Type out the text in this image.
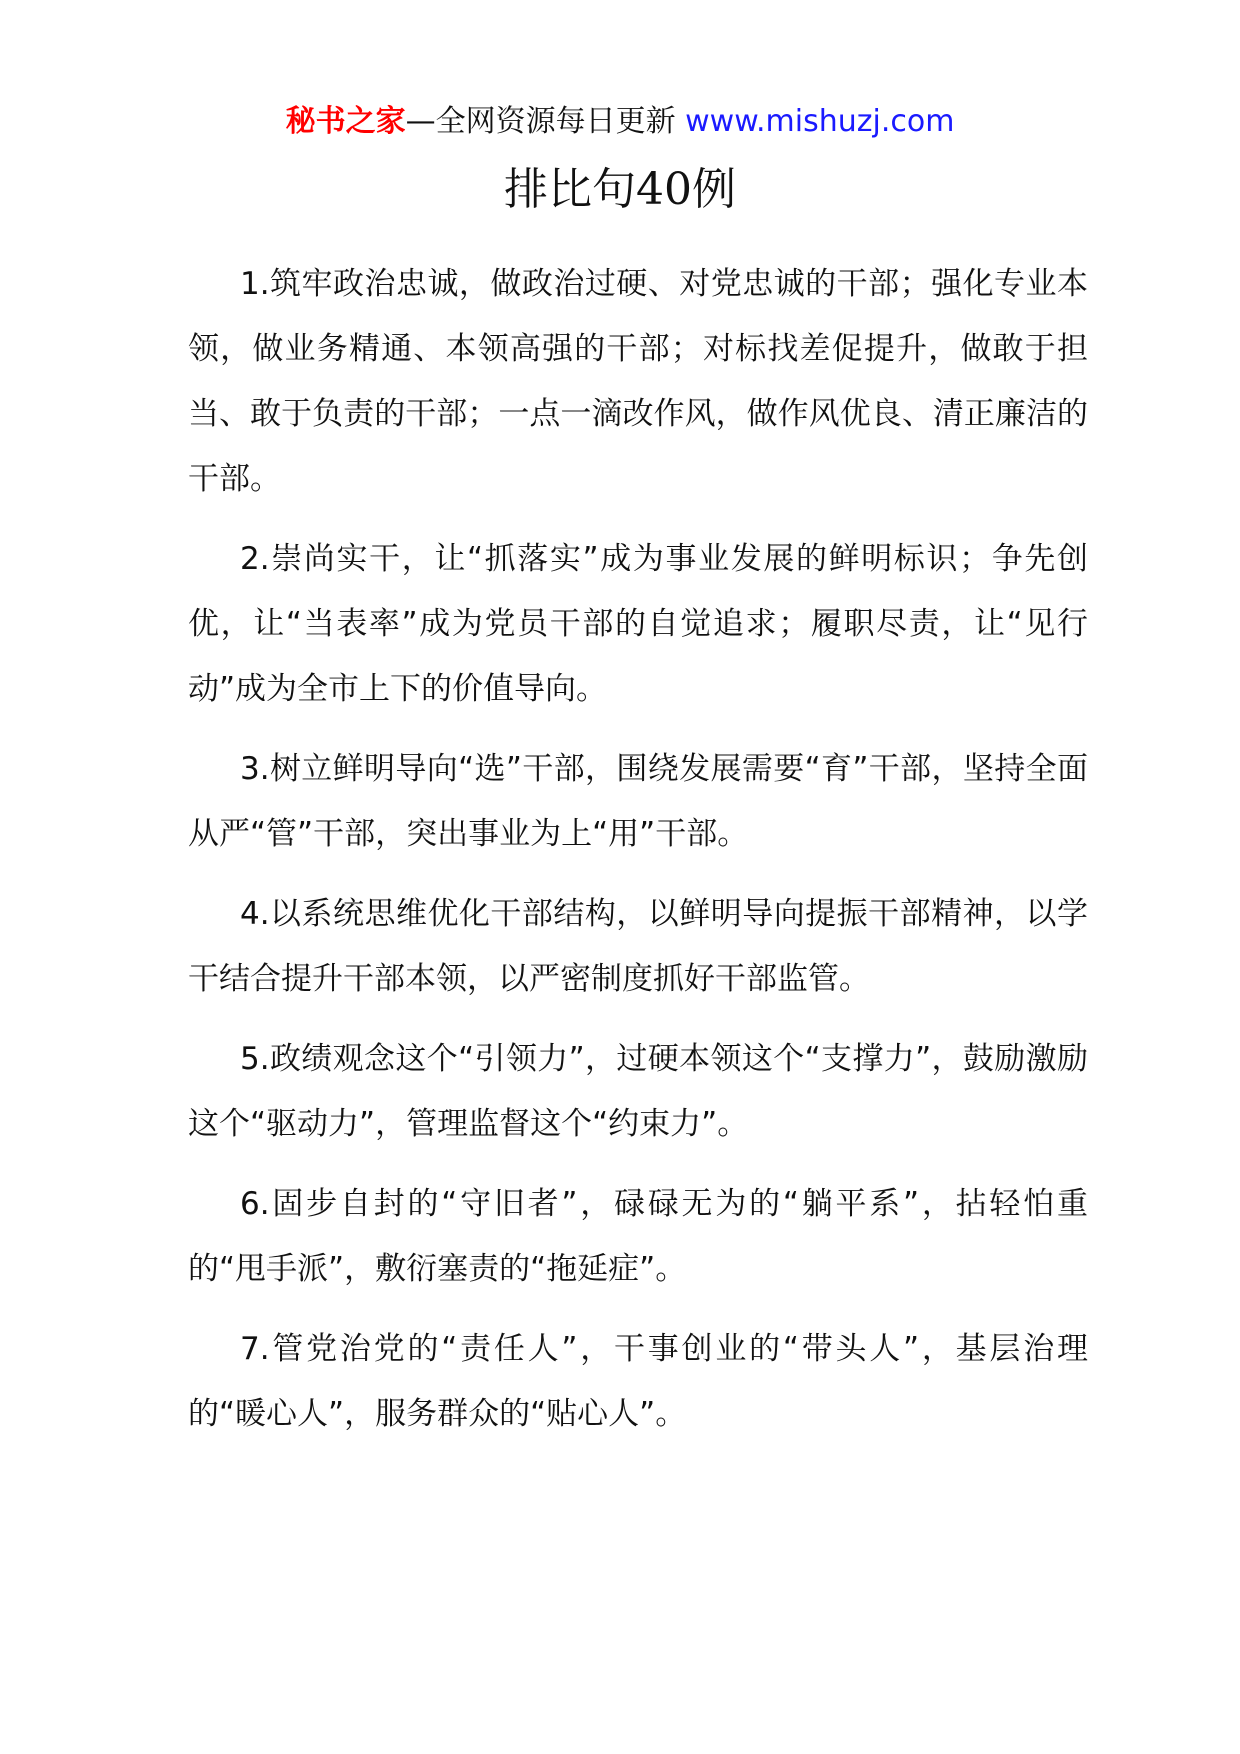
秘书之家—全网资源每日更新 www.mishuzj.com
排比句40例

1.筑牢政治忠诚，做政治过硬、对党忠诚的干部；强化专业本领，做业务精通、本领高强的干部；对标找差促提升，做敢于担当、敢于负责的干部；一点一滴改作风，做作风优良、清正廉洁的干部。

2.崇尚实干，让“抓落实”成为事业发展的鲜明标识；争先创优，让“当表率”成为党员干部的自觉追求；履职尽责，让“见行动”成为全市上下的价值导向。

3.树立鲜明导向“选”干部，围绕发展需要“育”干部，坚持全面从严“管”干部，突出事业为上“用”干部。

4.以系统思维优化干部结构，以鲜明导向提振干部精神，以学干结合提升干部本领，以严密制度抓好干部监管。

5.政绩观念这个“引领力”，过硬本领这个“支撑力”，鼓励激励这个“驱动力”，管理监督这个“约束力”。

6.固步自封的“守旧者”，碌碌无为的“躺平系”，拈轻怕重的“甩手派”，敷衍塞责的“拖延症”。

7.管党治党的“责任人”，干事创业的“带头人”，基层治理的“暖心人”，服务群众的“贴心人”。
